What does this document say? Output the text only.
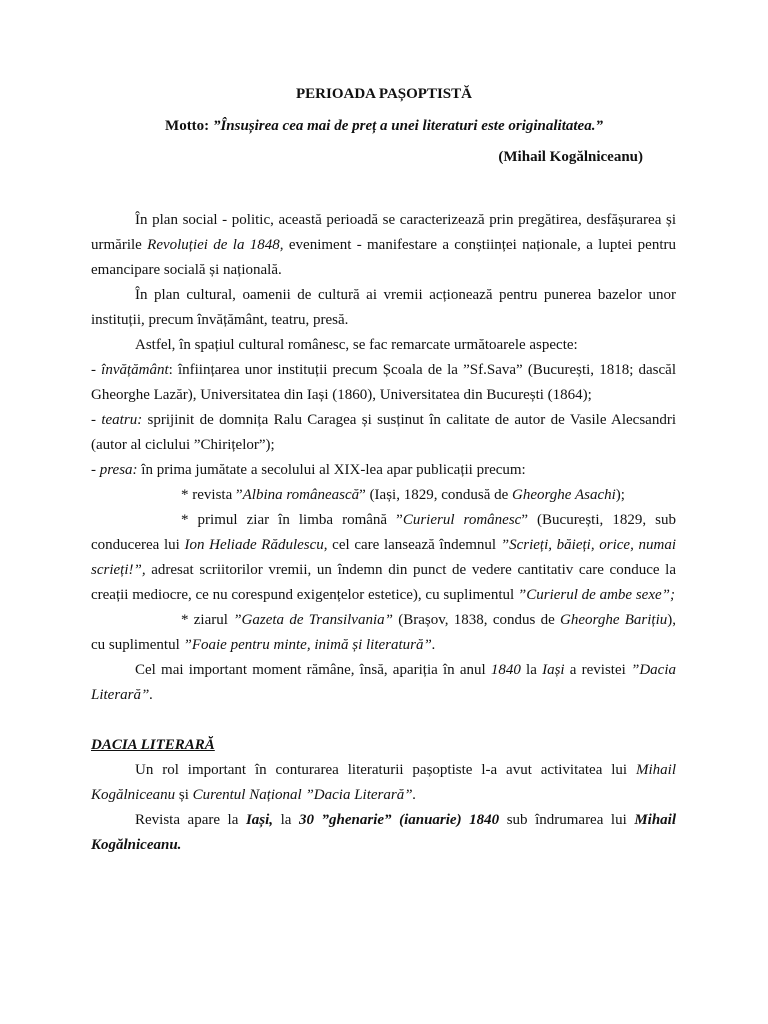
PERIOADA PAȘOPTISTĂ
Motto: ”Însușirea cea mai de preț a unei literaturi este originalitatea.”
(Mihail Kogălniceanu)

În plan social - politic, această perioadă se caracterizează prin pregătirea, desfășurarea și urmările Revoluției de la 1848, eveniment - manifestare a conștiinței naționale, a luptei pentru emancipare socială și națională.

În plan cultural, oamenii de cultură ai vremii acționează pentru punerea bazelor unor instituții, precum învățământ, teatru, presă.

Astfel, în spațiul cultural românesc, se fac remarcate următoarele aspecte:

- învățământ: înființarea unor instituții precum Școala de la ”Sf.Sava” (București, 1818; dascăl Gheorghe Lazăr), Universitatea din Iași (1860), Universitatea din București (1864);

- teatru: sprijinit de domnița Ralu Caragea și susținut în calitate de autor de Vasile Alecsandri (autor al ciclului ”Chirițelor”);

- presa: în prima jumătate a secolului al XIX-lea apar publicații precum:

* revista ”Albina românească” (Iași, 1829, condusă de Gheorghe Asachi);

* primul ziar în limba română ”Curierul românesc” (București, 1829, sub conducerea lui Ion Heliade Rădulescu, cel care lansează îndemnul ”Scrieți, băieți, orice, numai scrieți!”, adresat scriitorilor vremii, un îndemn din punct de vedere cantitativ care conduce la creații mediocre, ce nu corespund exigențelor estetice), cu suplimentul ”Curierul de ambe sexe”;

* ziarul ”Gazeta de Transilvania” (Brașov, 1838, condus de Gheorghe Barițiu), cu suplimentul ”Foaie pentru minte, inimă și literatură”.

Cel mai important moment rămâne, însă, apariția în anul 1840 la Iași a revistei ”Dacia Literară”.

DACIA LITERARĂ

Un rol important în conturarea literaturii pașoptiste l-a avut activitatea lui Mihail Kogălniceanu și Curentul Național ”Dacia Literară”.

Revista apare la Iași, la 30 ”ghenarie” (ianuarie) 1840 sub îndrumarea lui Mihail Kogălniceanu.
